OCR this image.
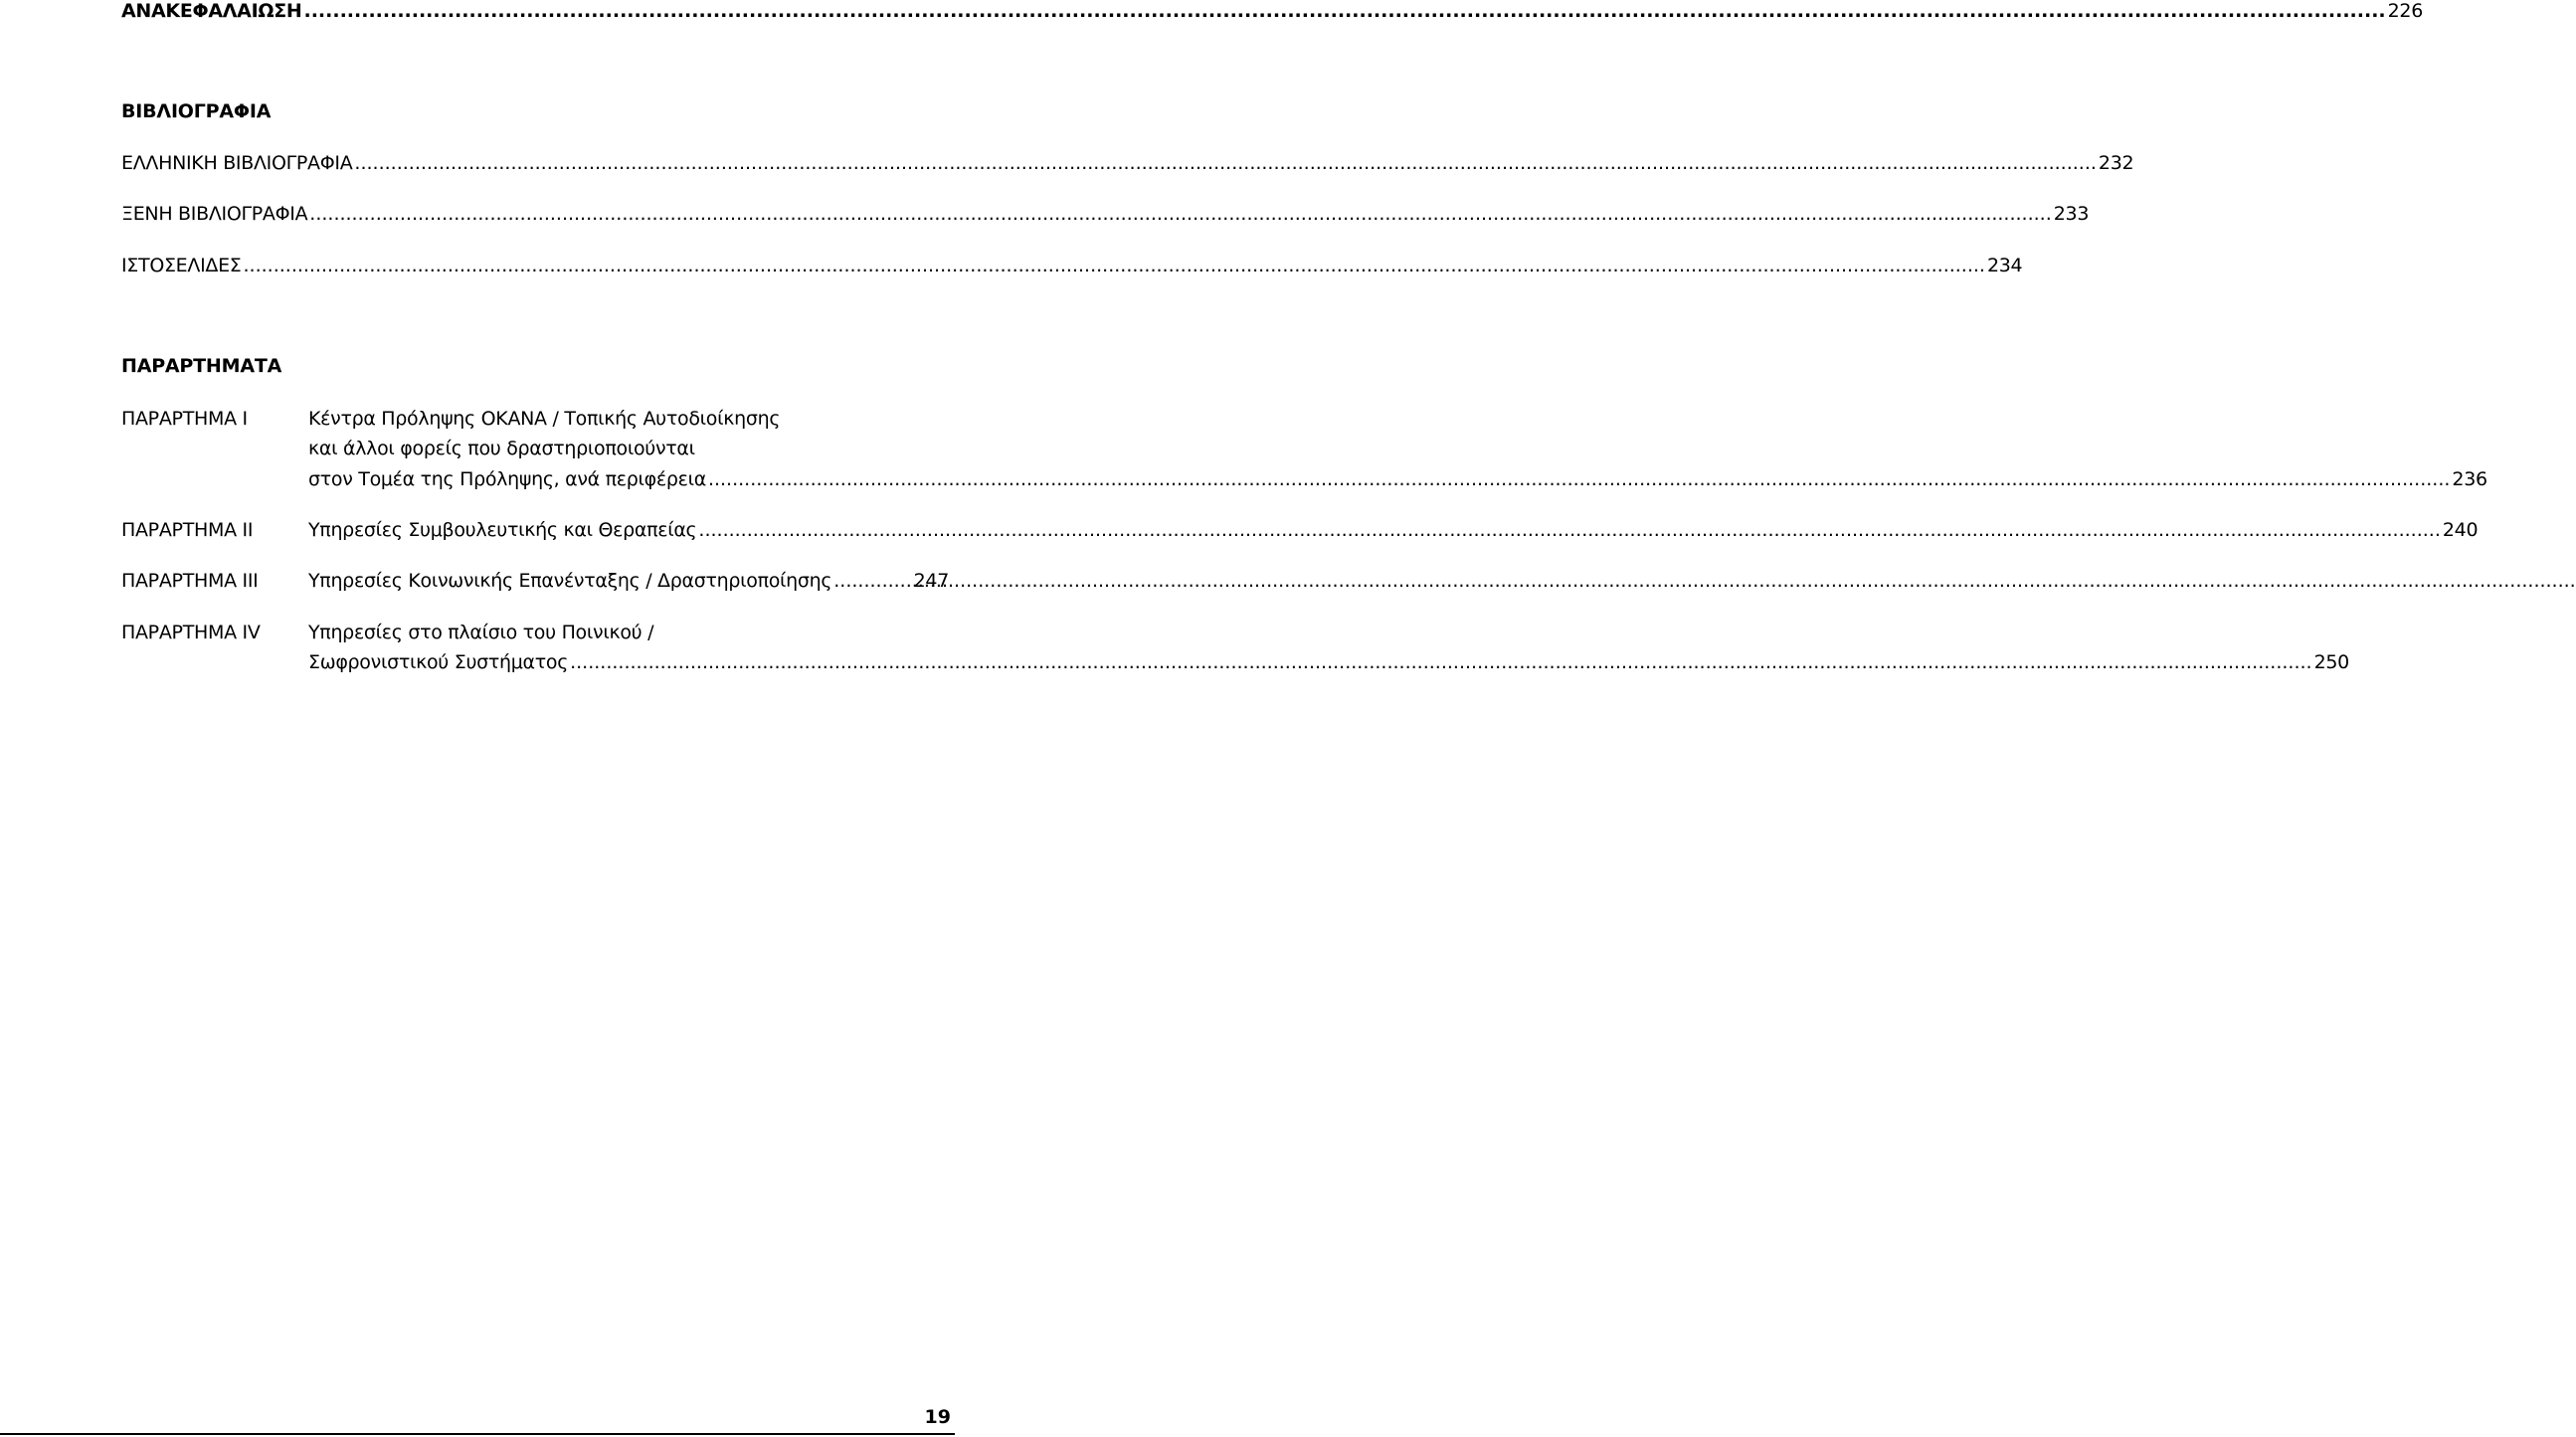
ΑΝΑΚΕΦΑΛΑΙΩΣΗ .....	226
ΒΙΒΛΙΟΓΡΑΦΙΑ
ΕΛΛΗΝΙΚΗ ΒΙΒΛΙΟΓΡΑΦΙΑ .....	232
ΞΕΝΗ ΒΙΒΛΙΟΓΡΑΦΙΑ .....	233
ΙΣΤΟΣΕΛΙΔΕΣ .....	234
ΠΑΡΑΡΤΗΜΑΤΑ
ΠΑΡΑΡΤΗΜΑ Ι	Κέντρα Πρόληψης ΟΚΑΝΑ / Τοπικής Αυτοδιοίκησης
και άλλοι φορείς που δραστηριοποιούνται
στον Τομέα της Πρόληψης, ανά περιφέρεια .....	236
ΠΑΡΑΡΤΗΜΑ ΙΙ	Υπηρεσίες Συμβουλευτικής και Θεραπείας .....	240
ΠΑΡΑΡΤΗΜΑ ΙΙΙ	Υπηρεσίες Κοινωνικής Επανένταξης / Δραστηριοποίησης .....	247
ΠΑΡΑΡΤΗΜΑ ΙV	Υπηρεσίες στο πλαίσιο του Ποινικού /
Σωφρονιστικού Συστήματος .....	250
19
